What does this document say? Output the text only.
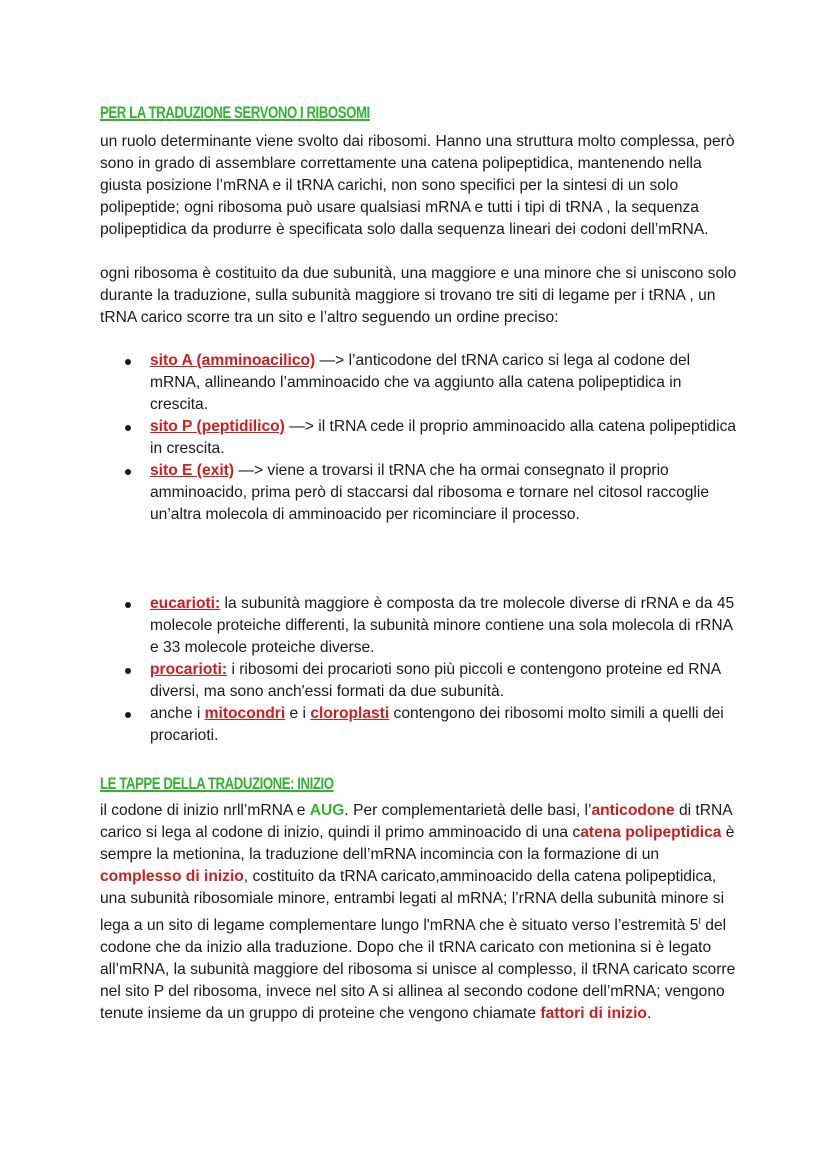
PER LA TRADUZIONE SERVONO I RIBOSOMI

un ruolo determinante viene svolto dai ribosomi. Hanno una struttura molto complessa, però sono in grado di assemblare correttamente una catena polipeptidica, mantenendo nella giusta posizione l’mRNA e il tRNA carichi, non sono specifici per la sintesi di un solo polipeptide; ogni ribosoma può usare qualsiasi mRNA e tutti i tipi di tRNA , la sequenza polipeptidica da produrre è specificata solo dalla sequenza lineari dei codoni dell’mRNA.

ogni ribosoma è costituito da due subunità, una maggiore e una minore che si uniscono solo durante la traduzione, sulla subunità maggiore si trovano tre siti di legame per i tRNA , un tRNA carico scorre tra un sito e l’altro seguendo un ordine preciso:

sito A (amminoacilico) —> l’anticodone del tRNA carico si lega al codone del mRNA, allineando l’amminoacido che va aggiunto alla catena polipeptidica in crescita.
sito P (peptidilico) —> il tRNA cede il proprio amminoacido alla catena polipeptidica in crescita.
sito E (exit) —> viene a trovarsi il tRNA che ha ormai consegnato il proprio amminoacido, prima però di staccarsi dal ribosoma e tornare nel citosol raccoglie un’altra molecola di amminoacido per ricominciare il processo.
eucarioti: la subunità maggiore è composta da tre molecole diverse di rRNA e da 45 molecole proteiche differenti, la subunità minore contiene una sola molecola di rRNA e 33 molecole proteiche diverse.
procarioti: i ribosomi dei procarioti sono più piccoli e contengono proteine ed RNA diversi, ma sono anch'essi formati da due subunità.
anche i mitocondri e i cloroplasti contengono dei ribosomi molto simili a quelli dei procarioti.
LE TAPPE DELLA TRADUZIONE: INIZIO

il codone di inizio nrll’mRNA e AUG. Per complementarietà delle basi, l’anticodone di tRNA carico si lega al codone di inizio, quindi il primo amminoacido di una catena polipeptidica è sempre la metionina, la traduzione dell’mRNA incomincia con la formazione di un complesso di inizio, costituito da tRNA caricato,amminoacido della catena polipeptidica, una subunità ribosomiale minore, entrambi legati al mRNA; l’rRNA della subunità minore si lega a un sito di legame complementare lungo l'mRNA che è situato verso l’estremità $5^I$ del codone che da inizio alla traduzione. Dopo che il tRNA caricato con metionina si è legato all’mRNA, la subunità maggiore del ribosoma si unisce al complesso, il tRNA caricato scorre nel sito P del ribosoma, invece nel sito A si allinea al secondo codone dell’mRNA; vengono tenute insieme da un gruppo di proteine che vengono chiamate fattori di inizio.
